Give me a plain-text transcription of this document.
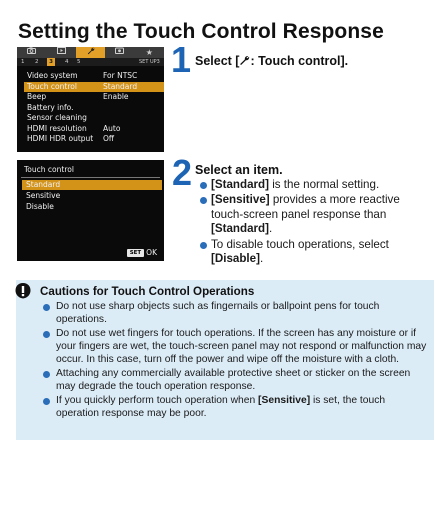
Setting the Touch Control Response
★
1 2	3	4 5	SET UP3
Video system	For NTSC
Touch control	Standard
Beep	Enable
Battery info.
Sensor cleaning
HDMI resolution Auto
HDMI HDR output Off
1 Select [ : Touch control].
Touch control
Standard
Sensitive
Disable
SET OK
2 Select an item.
[Standard] is the normal setting.
[Sensitive] provides a more reactive touch-screen panel response than [Standard].
To disable touch operations, select [Disable].
Cautions for Touch Control Operations
Do not use sharp objects such as fingernails or ballpoint pens for touch operations.
Do not use wet fingers for touch operations. If the screen has any moisture or if your fingers are wet, the touch-screen panel may not respond or malfunction may occur. In this case, turn off the power and wipe off the moisture with a cloth.
Attaching any commercially available protective sheet or sticker on the screen may degrade the touch operation response.
If you quickly perform touch operation when [Sensitive] is set, the touch operation response may be poor.
